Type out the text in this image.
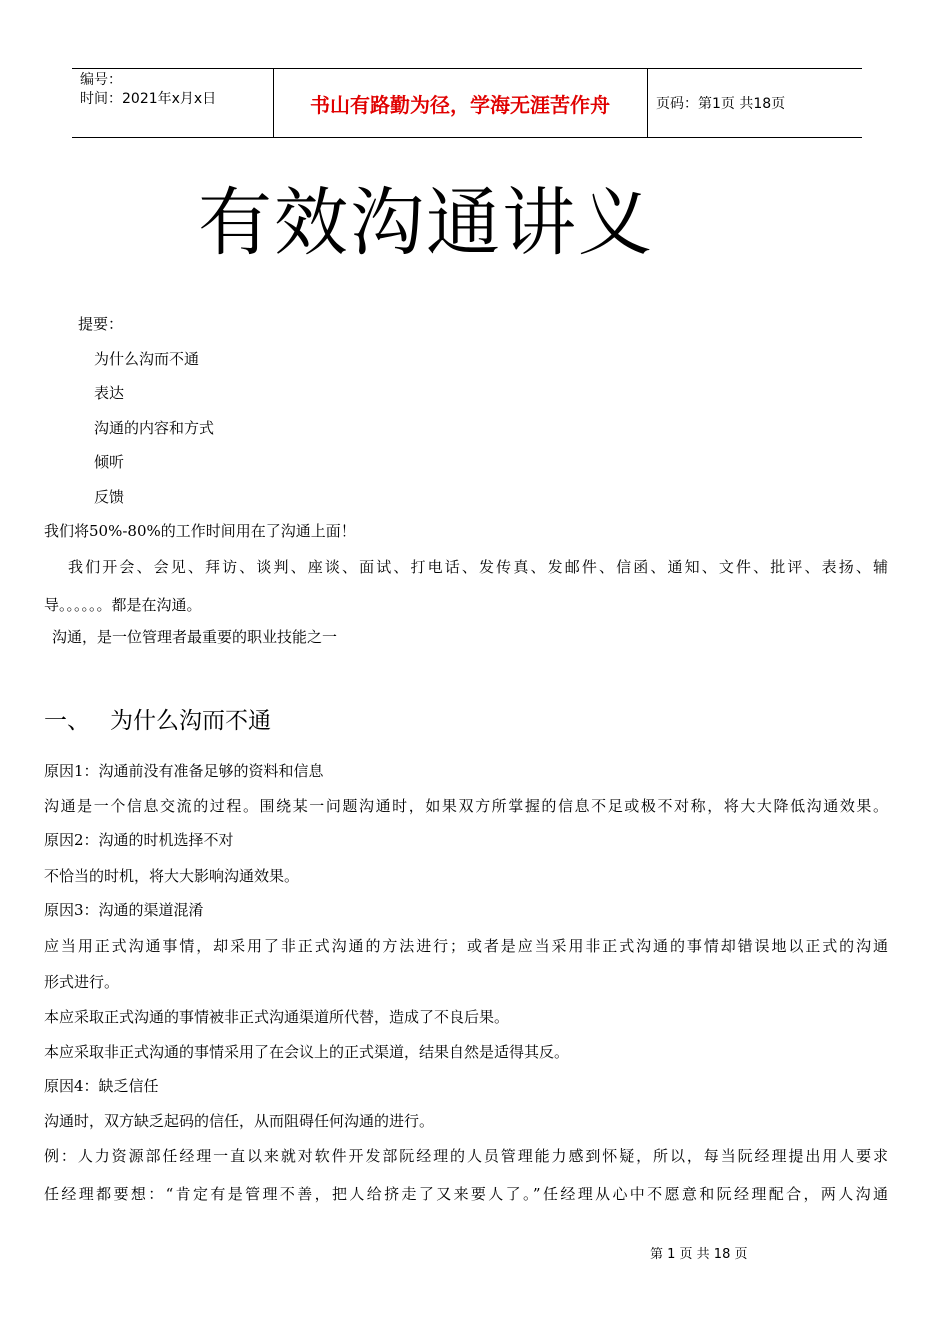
编号：
时间：2021年x月x日	书山有路勤为径，学海无涯苦作舟	页码：第1页 共18页
有效沟通讲义
提要：
为什么沟而不通
表达
沟通的内容和方式
倾听
反馈
我们将50%-80%的工作时间用在了沟通上面！
我们开会、会见、拜访、谈判、座谈、面试、打电话、发传真、发邮件、信函、通知、文件、批评、表扬、辅
导。。。。。。都是在沟通。
沟通，是一位管理者最重要的职业技能之一
一、 为什么沟而不通
原因1：沟通前没有准备足够的资料和信息
沟通是一个信息交流的过程。围绕某一问题沟通时，如果双方所掌握的信息不足或极不对称，将大大降低沟通效果。
原因2：沟通的时机选择不对
不恰当的时机，将大大影响沟通效果。
原因3：沟通的渠道混淆
应当用正式沟通事情，却采用了非正式沟通的方法进行；或者是应当采用非正式沟通的事情却错误地以正式的沟通
形式进行。
本应采取正式沟通的事情被非正式沟通渠道所代替，造成了不良后果。
本应采取非正式沟通的事情采用了在会议上的正式渠道，结果自然是适得其反。
原因4：缺乏信任
沟通时，双方缺乏起码的信任，从而阻碍任何沟通的进行。
例：人力资源部任经理一直以来就对软件开发部阮经理的人员管理能力感到怀疑，所以，每当阮经理提出用人要求
任经理都要想：“肯定有是管理不善，把人给挤走了又来要人了。”任经理从心中不愿意和阮经理配合，两人沟通
第 1 页 共 18 页
